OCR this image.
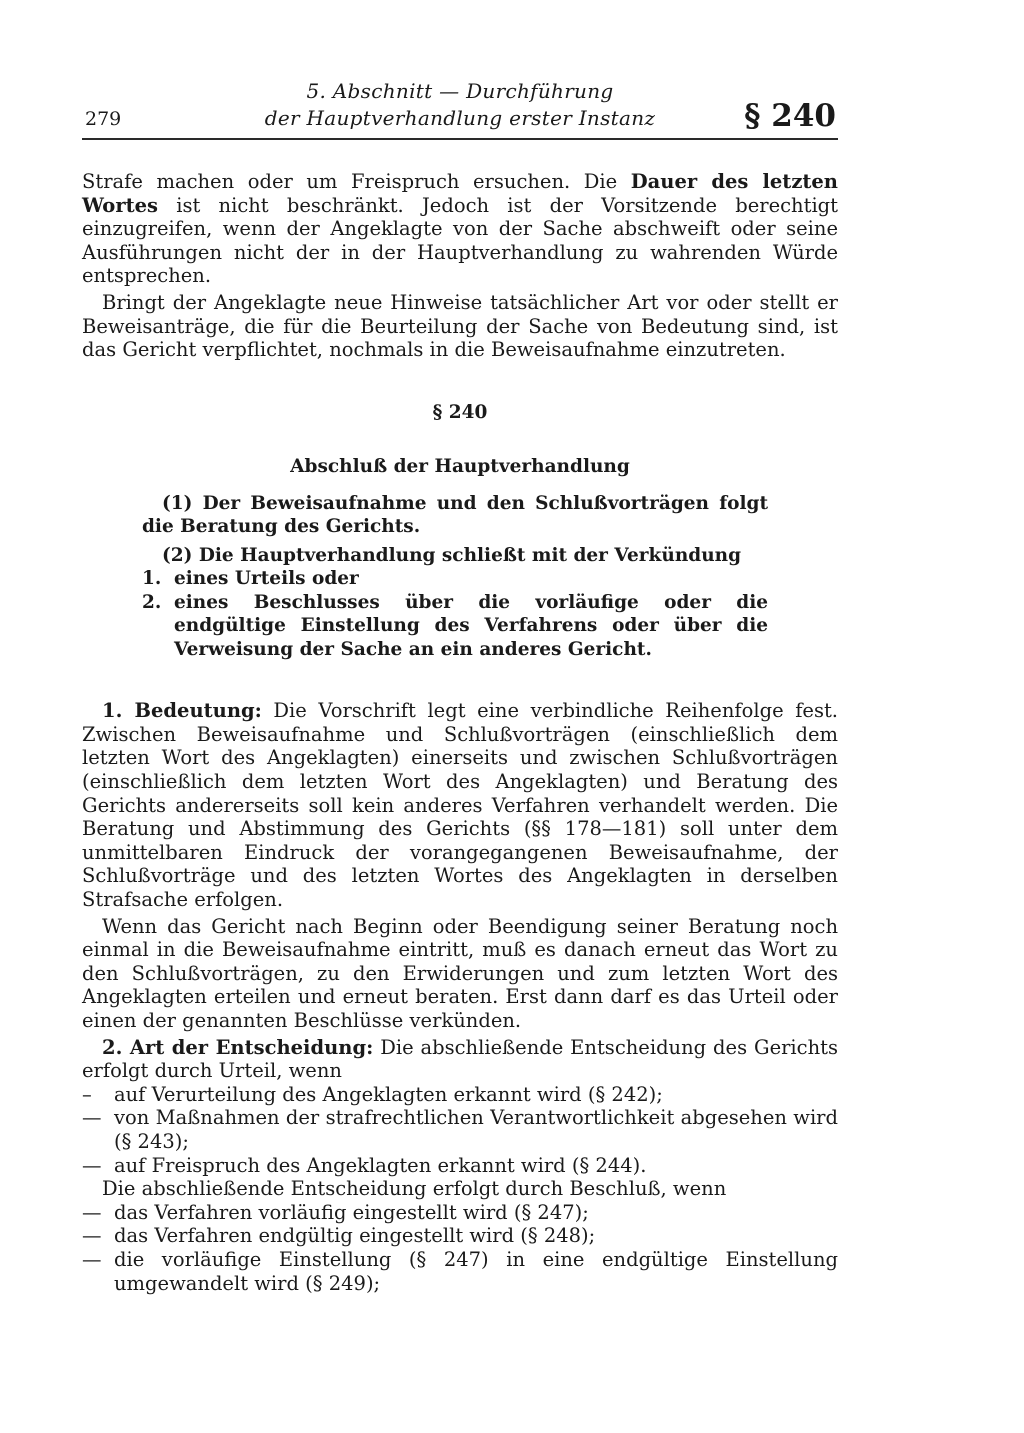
279
5. Abschnitt — Durchführung
der Hauptverhandlung erster Instanz	§ 240

Strafe machen oder um Freispruch ersuchen. Die Dauer des letzten Wortes ist nicht beschränkt. Jedoch ist der Vorsitzende berechtigt einzugreifen, wenn der Angeklagte von der Sache abschweift oder seine Ausführungen nicht der in der Hauptverhandlung zu wahrenden Würde entsprechen.

Bringt der Angeklagte neue Hinweise tatsächlicher Art vor oder stellt er Beweisanträge, die für die Beurteilung der Sache von Bedeutung sind, ist das Gericht verpflichtet, nochmals in die Beweisaufnahme einzutreten.

§ 240

Abschluß der Hauptverhandlung

(1) Der Beweisaufnahme und den Schlußvorträgen folgt die Beratung des Gerichts.

(2) Die Hauptverhandlung schließt mit der Verkündung

1. eines Urteils oder
2. eines Beschlusses über die vorläufige oder die endgültige Einstellung des Verfahrens oder über die Verweisung der Sache an ein anderes Gericht.

1. Bedeutung: Die Vorschrift legt eine verbindliche Reihenfolge fest. Zwischen Beweisaufnahme und Schlußvorträgen (einschließlich dem letzten Wort des Angeklagten) einerseits und zwischen Schlußvorträgen (einschließlich dem letzten Wort des Angeklagten) und Beratung des Gerichts andererseits soll kein anderes Verfahren verhandelt werden. Die Beratung und Abstimmung des Gerichts (§§ 178—181) soll unter dem unmittelbaren Eindruck der vorangegangenen Beweisaufnahme, der Schlußvorträge und des letzten Wortes des Angeklagten in derselben Strafsache erfolgen.

Wenn das Gericht nach Beginn oder Beendigung seiner Beratung noch einmal in die Beweisaufnahme eintritt, muß es danach erneut das Wort zu den Schlußvorträgen, zu den Erwiderungen und zum letzten Wort des Angeklagten erteilen und erneut beraten. Erst dann darf es das Urteil oder einen der genannten Beschlüsse verkünden.

2. Art der Entscheidung: Die abschließende Entscheidung des Gerichts erfolgt durch Urteil, wenn

–	auf Verurteilung des Angeklagten erkannt wird (§ 242);
— von Maßnahmen der strafrechtlichen Verantwortlichkeit abgesehen wird (§ 243);
— auf Freispruch des Angeklagten erkannt wird (§ 244).

Die abschließende Entscheidung erfolgt durch Beschluß, wenn

— das Verfahren vorläufig eingestellt wird (§ 247);
— das Verfahren endgültig eingestellt wird (§ 248);
— die vorläufige Einstellung (§ 247) in eine endgültige Einstellung umgewandelt wird (§ 249);
